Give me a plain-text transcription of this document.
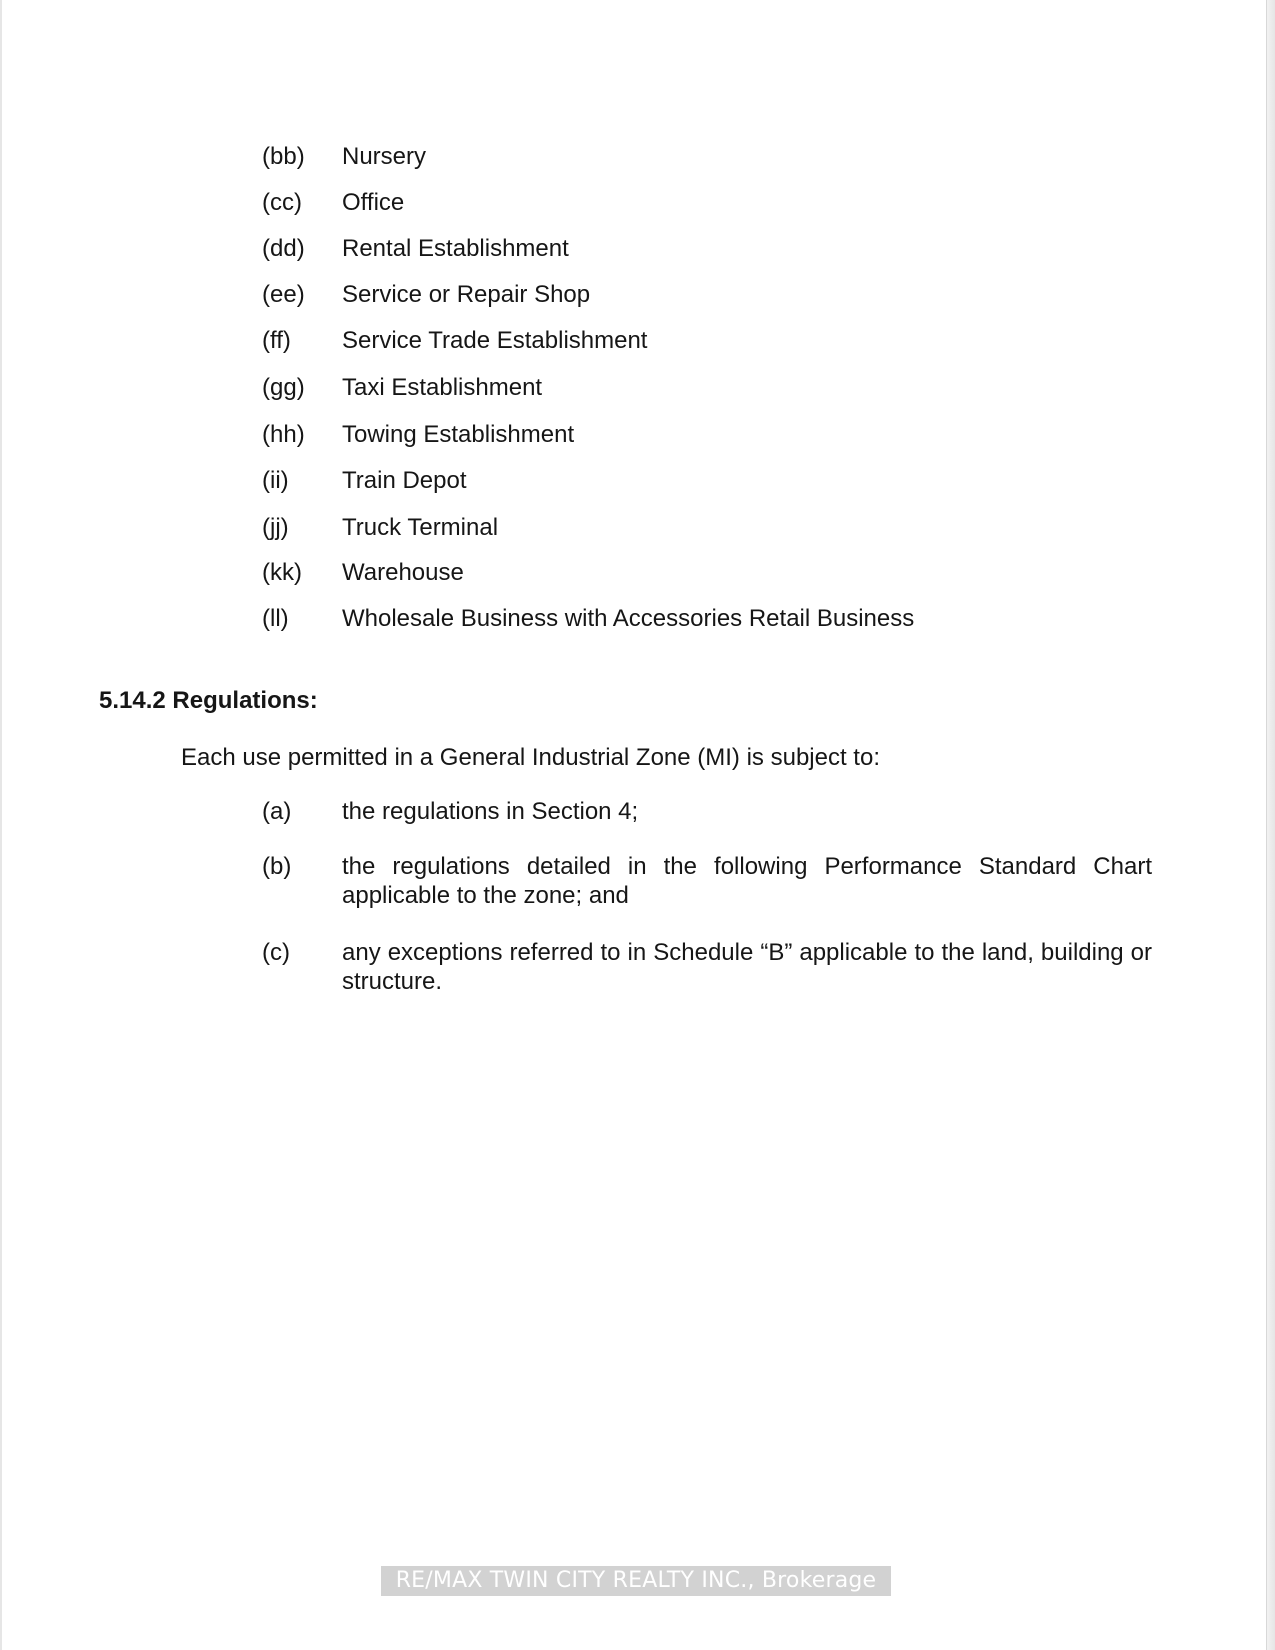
(bb)	Nursery
(cc)	Office
(dd)	Rental Establishment
(ee)	Service or Repair Shop
(ff)	Service Trade Establishment
(gg)	Taxi Establishment
(hh)	Towing Establishment
(ii)	Train Depot
(jj)	Truck Terminal
(kk)	Warehouse
(ll)	Wholesale Business with Accessories Retail Business
5.14.2 Regulations:
Each use permitted in a General Industrial Zone (MI) is subject to:
(a) the regulations in Section 4;
(b) the regulations detailed in the following Performance Standard Chart applicable to the zone; and
(c) any exceptions referred to in Schedule “B” applicable to the land, building or structure.
RE/MAX TWIN CITY REALTY INC., Brokerage
